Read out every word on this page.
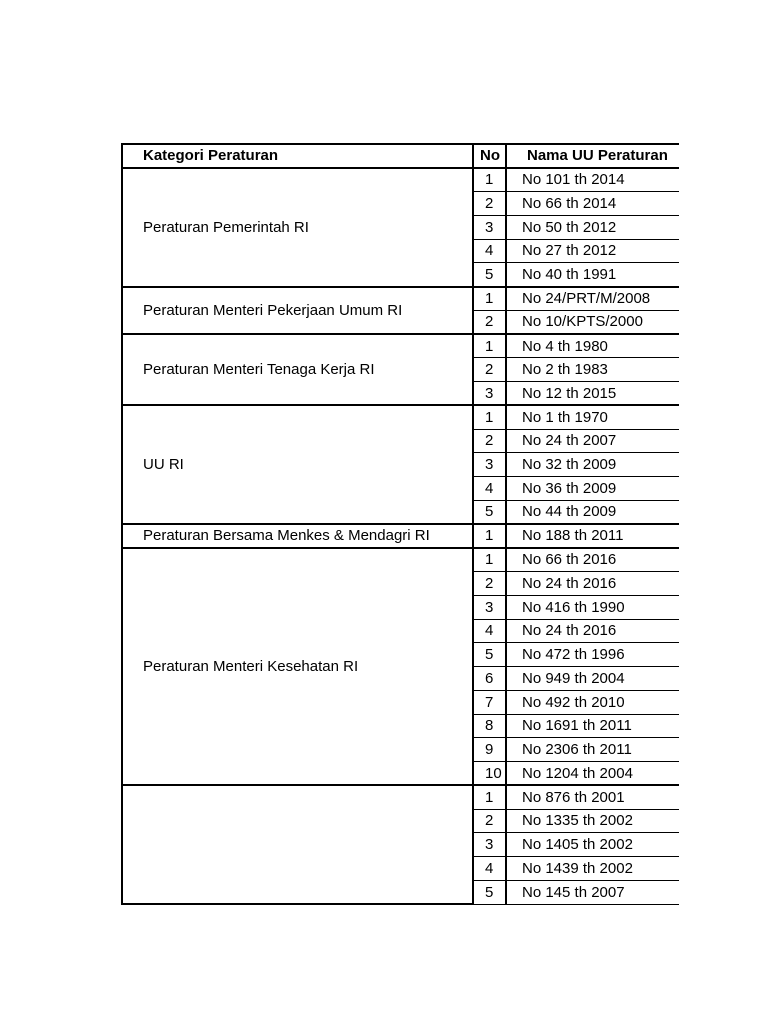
Kategori Peraturan	No	Nama UU Peraturan
Peraturan Pemerintah RI	1	No 101 th 2014
	2	No 66 th 2014
	3	No 50 th 2012
	4	No 27 th 2012
	5	No 40 th 1991
Peraturan Menteri Pekerjaan Umum RI	1	No 24/PRT/M/2008
	2	No 10/KPTS/2000
Peraturan Menteri Tenaga Kerja RI	1	No 4 th 1980
	2	No 2 th 1983
	3	No 12 th 2015
UU RI	1	No 1 th 1970
	2	No 24 th 2007
	3	No 32 th 2009
	4	No 36 th 2009
	5	No 44 th 2009
Peraturan Bersama Menkes & Mendagri RI	1	No 188 th 2011
Peraturan Menteri Kesehatan RI	1	No 66 th 2016
	2	No 24 th 2016
	3	No 416 th 1990
	4	No 24 th 2016
	5	No 472 th 1996
	6	No 949 th 2004
	7	No 492 th 2010
	8	No 1691 th 2011
	9	No 2306 th 2011
	10	No 1204 th 2004
	1	No 876 th 2001
	2	No 1335 th 2002
	3	No 1405 th 2002
	4	No 1439 th 2002
	5	No 145 th 2007
